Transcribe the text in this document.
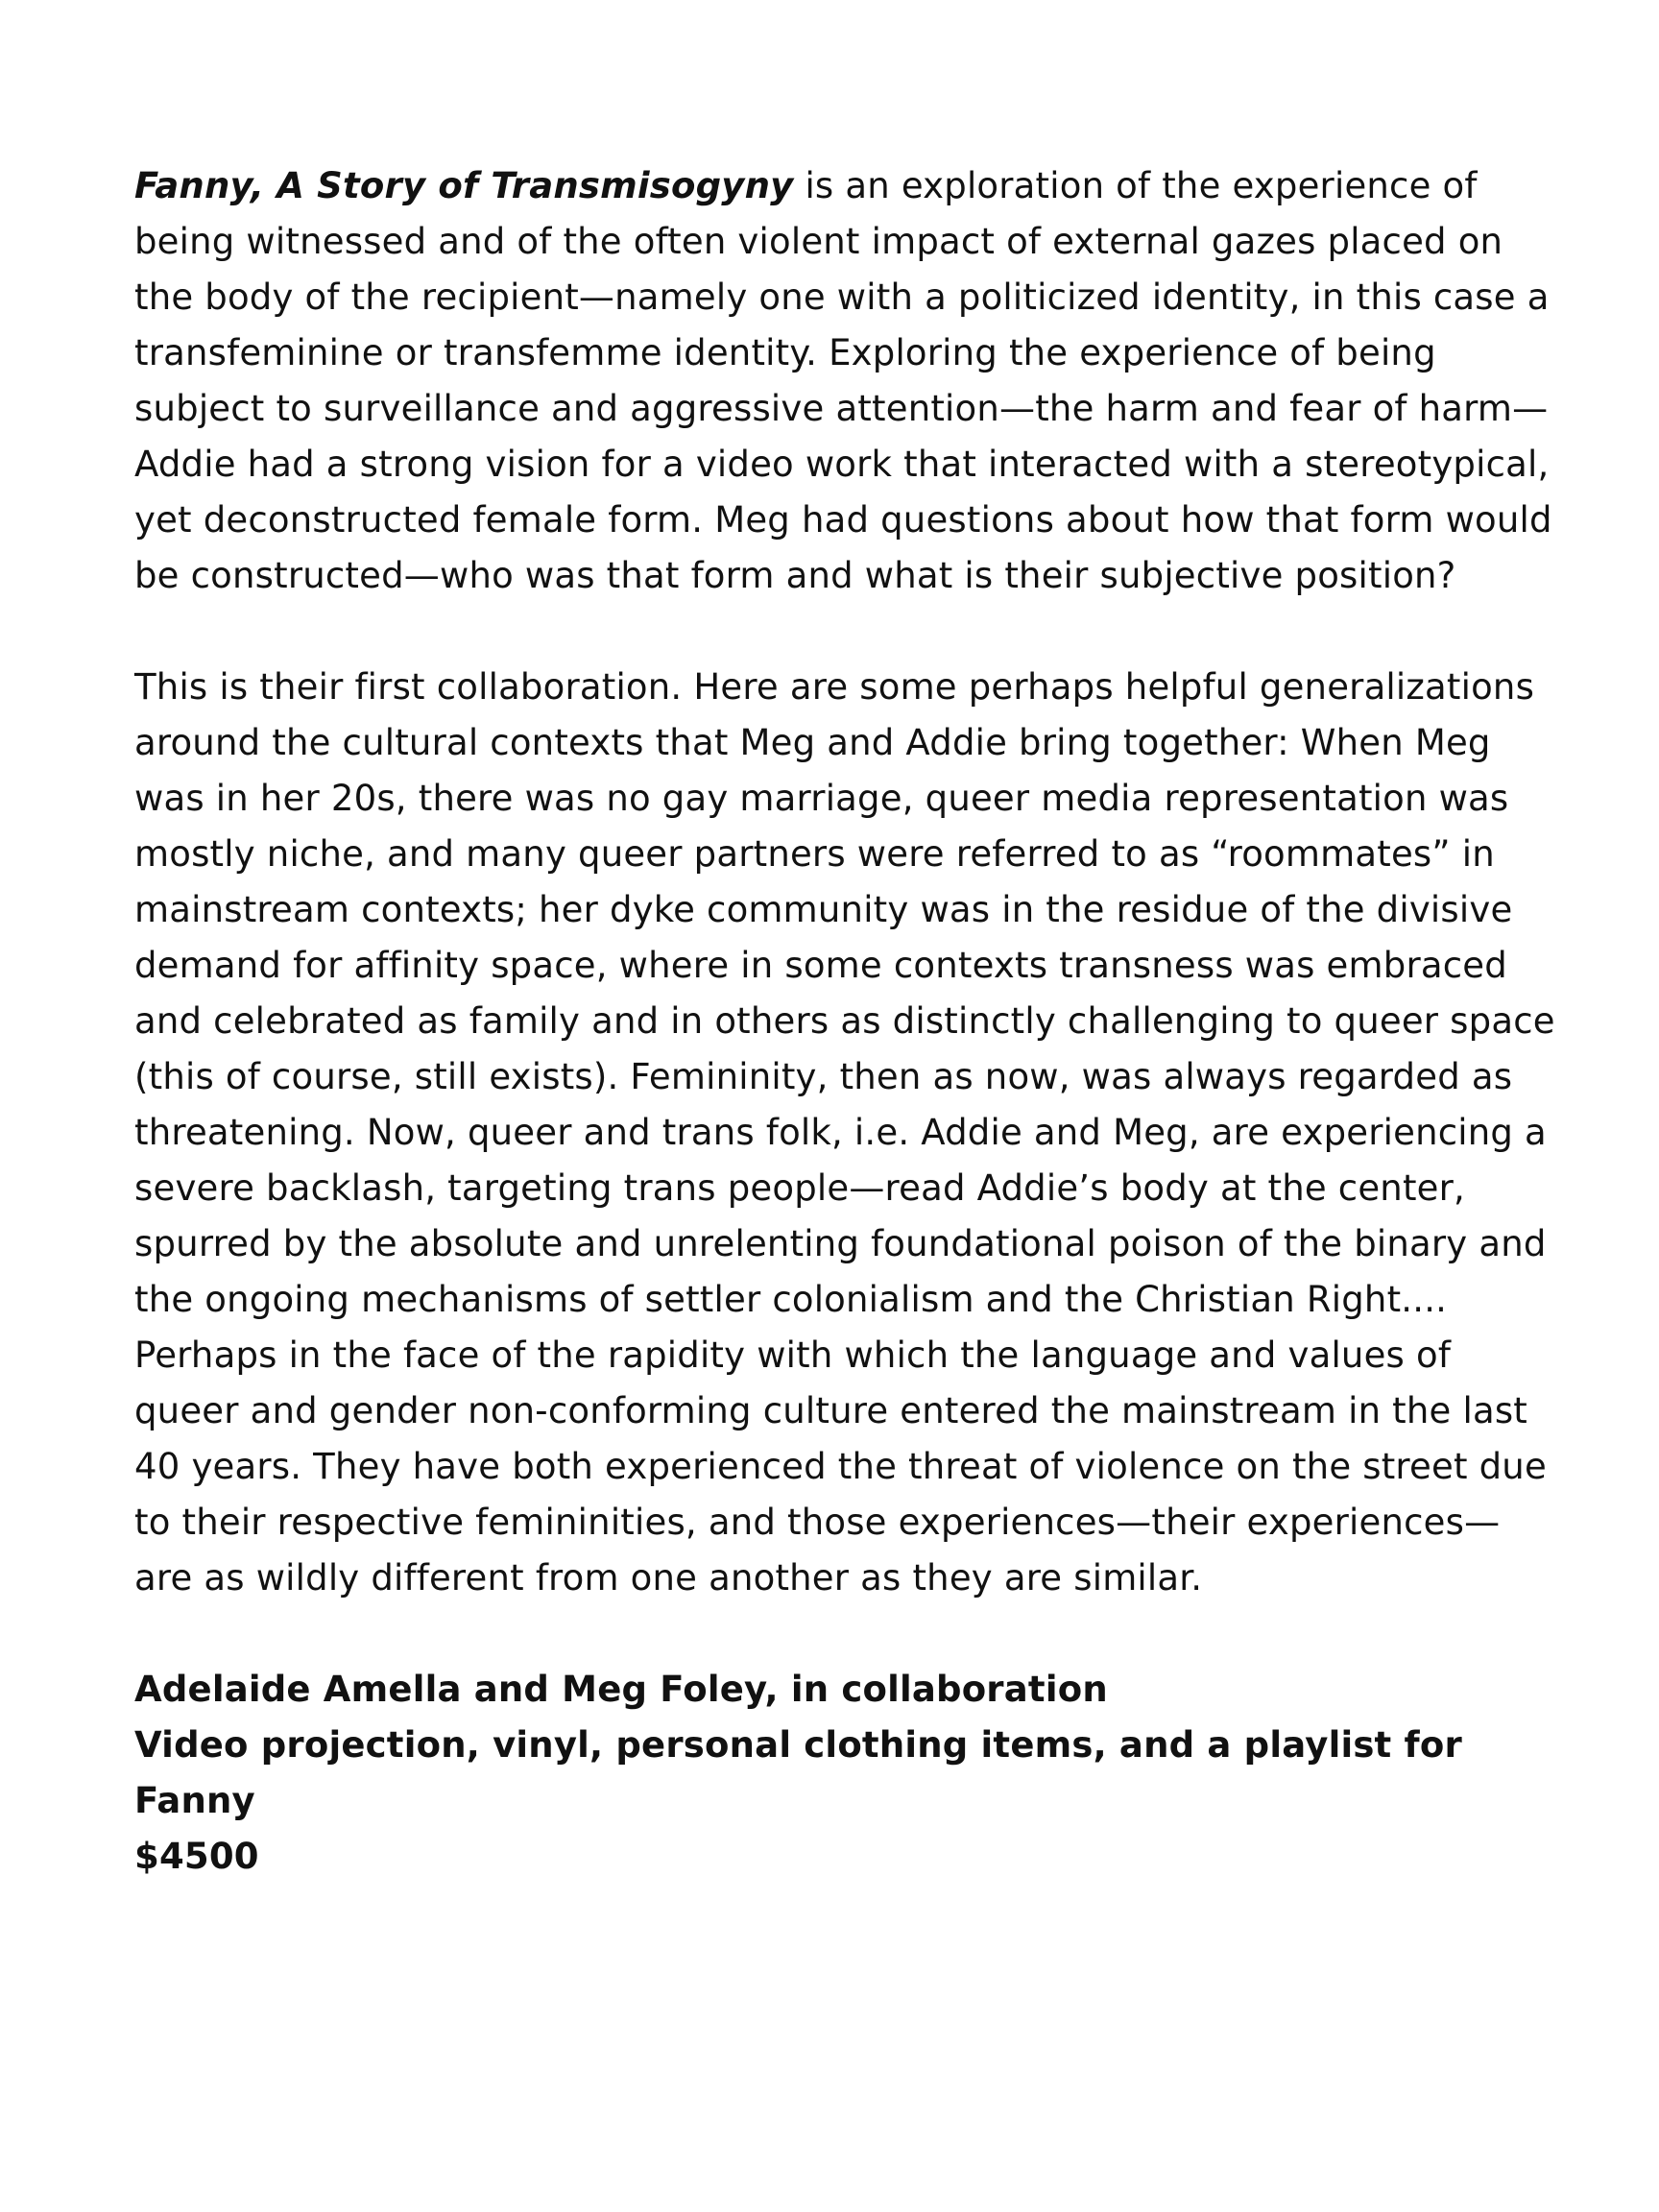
Fanny, A Story of Transmisogyny is an exploration of the experience of being witnessed and of the often violent impact of external gazes placed on the body of the recipient—namely one with a politicized identity, in this case a transfeminine or transfemme identity. Exploring the experience of being subject to surveillance and aggressive attention—the harm and fear of harm—Addie had a strong vision for a video work that interacted with a stereotypical, yet deconstructed female form. Meg had questions about how that form would be constructed—who was that form and what is their subjective position?

This is their first collaboration. Here are some perhaps helpful generalizations around the cultural contexts that Meg and Addie bring together: When Meg was in her 20s, there was no gay marriage, queer media representation was mostly niche, and many queer partners were referred to as “roommates” in mainstream contexts; her dyke community was in the residue of the divisive demand for affinity space, where in some contexts transness was embraced and celebrated as family and in others as distinctly challenging to queer space (this of course, still exists). Femininity, then as now, was always regarded as threatening. Now, queer and trans folk, i.e. Addie and Meg, are experiencing a severe backlash, targeting trans people—read Addie’s body at the center, spurred by the absolute and unrelenting foundational poison of the binary and the ongoing mechanisms of settler colonialism and the Christian Right.... Perhaps in the face of the rapidity with which the language and values of queer and gender non-conforming culture entered the mainstream in the last 40 years. They have both experienced the threat of violence on the street due to their respective femininities, and those experiences—their experiences—are as wildly different from one another as they are similar.

Adelaide Amella and Meg Foley, in collaboration
Video projection, vinyl, personal clothing items, and a playlist for Fanny
$4500
